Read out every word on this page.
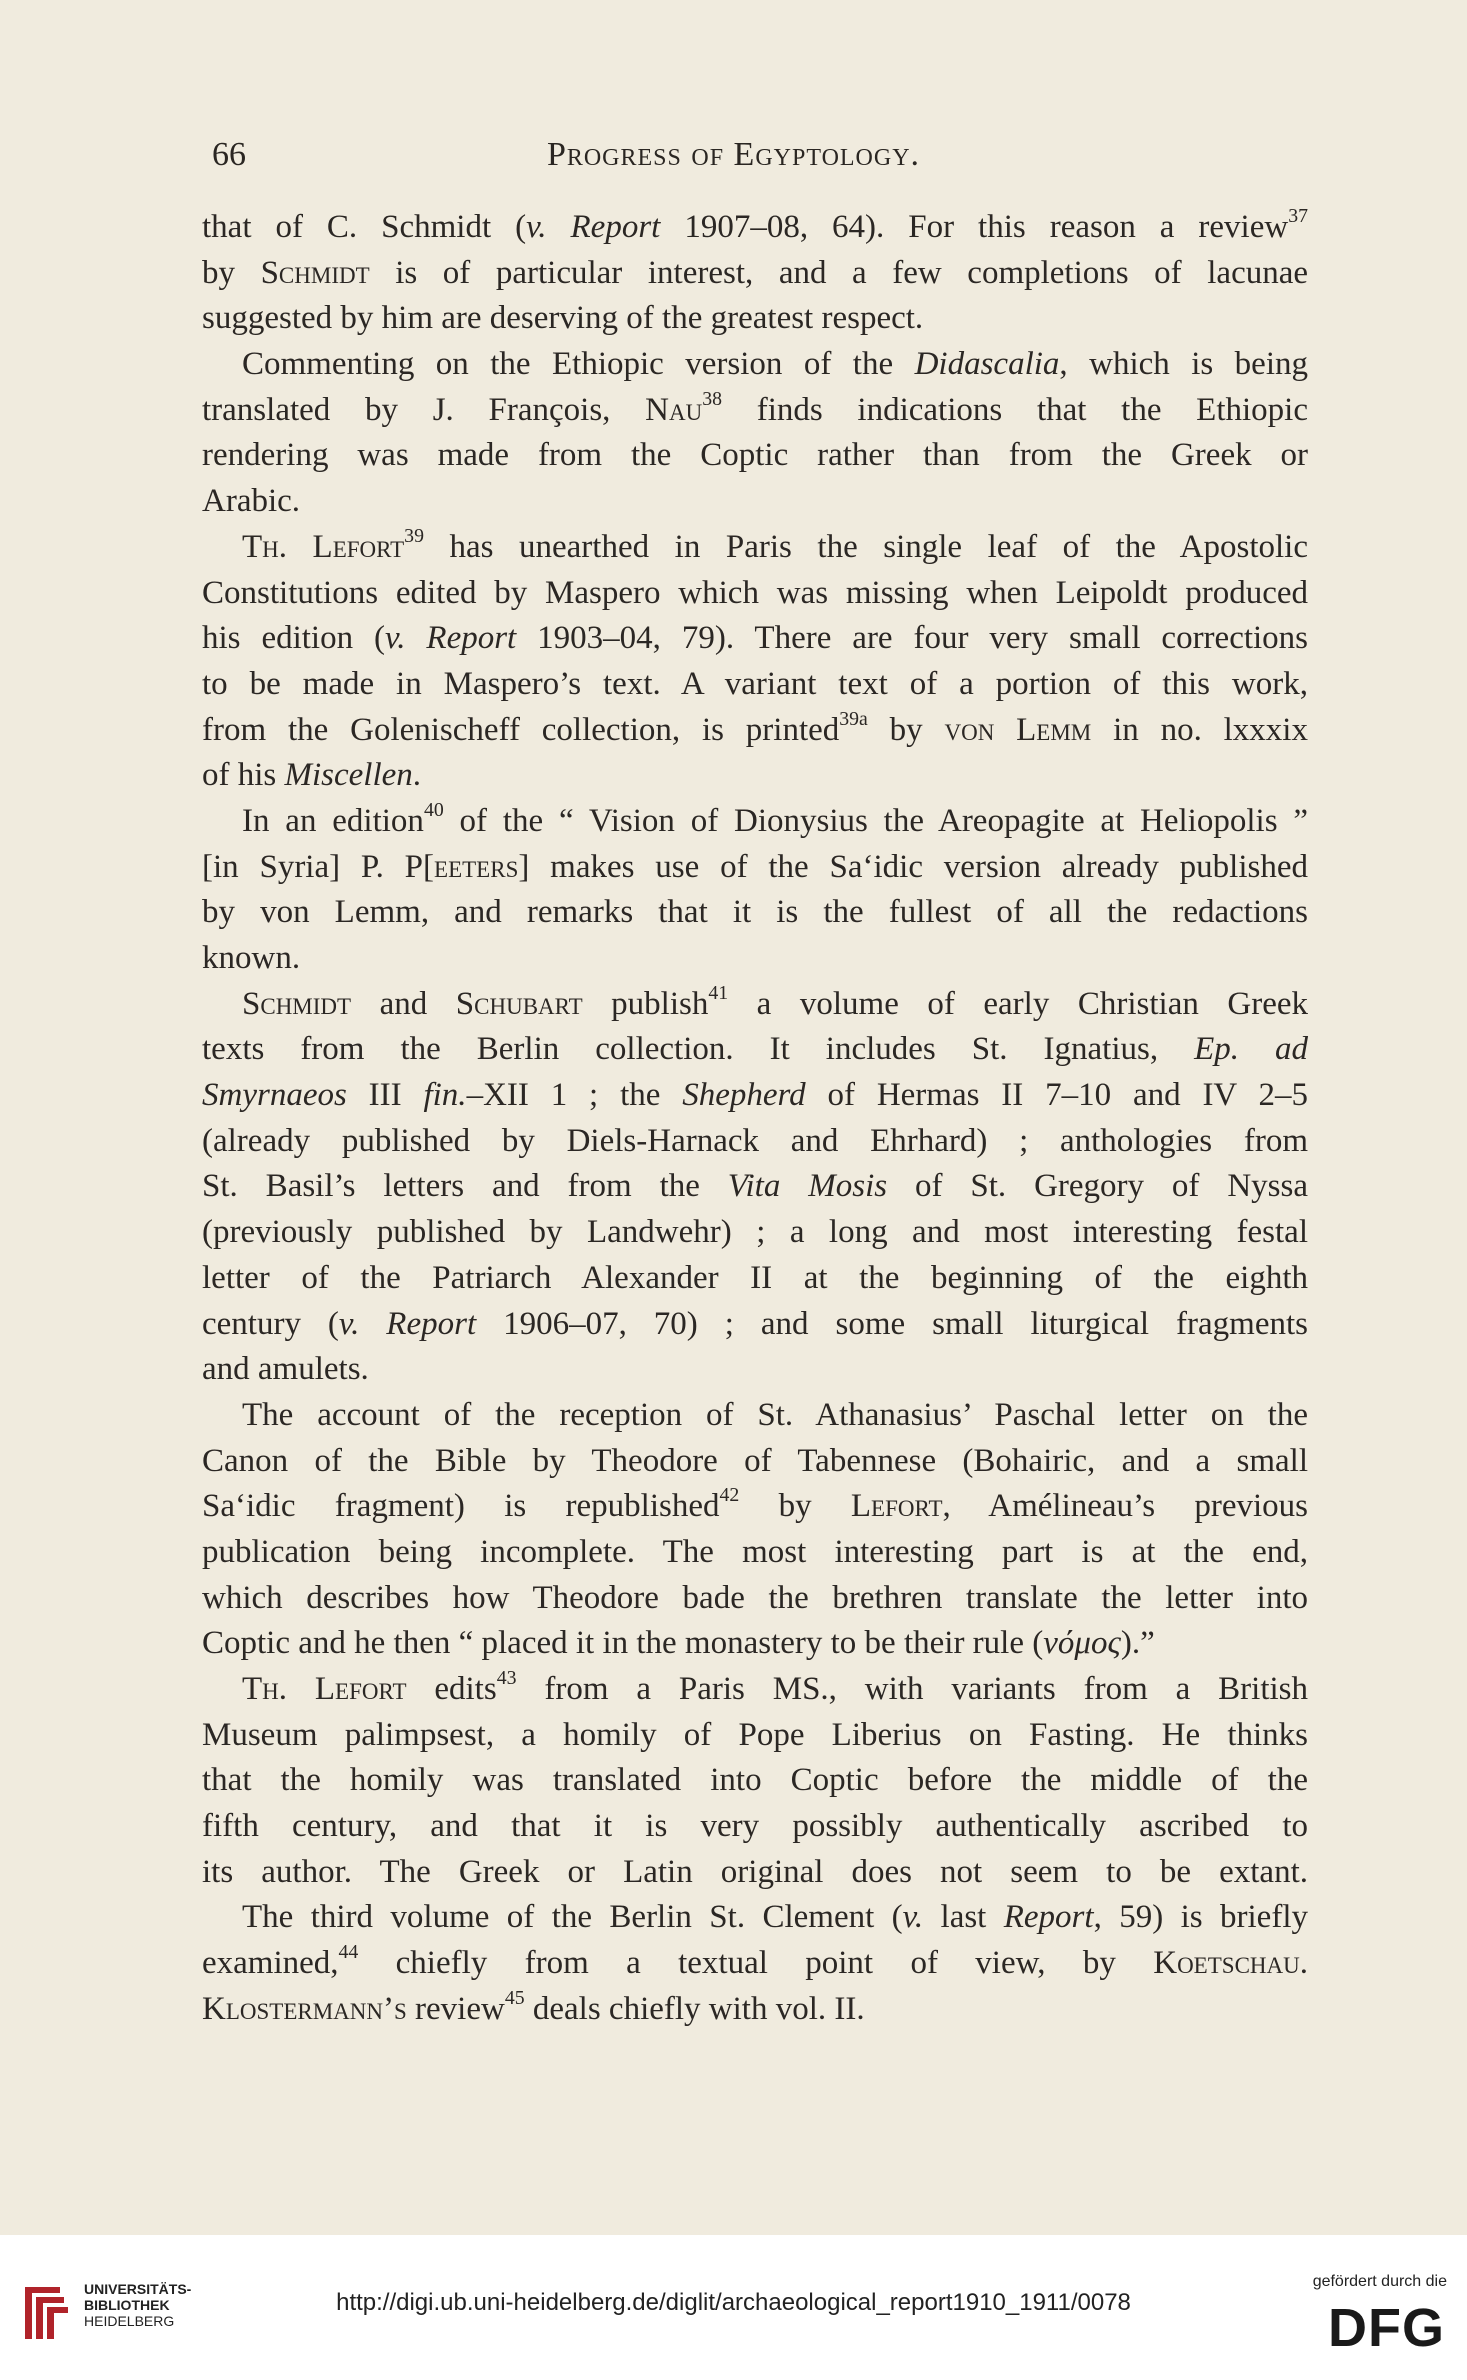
66	Progress of Egyptology.
that of C. Schmidt (v. Report 1907–08, 64). For this reason a review$^{37}$
by Schmidt is of particular interest, and a few completions of lacunae
suggested by him are deserving of the greatest respect.
Commenting on the Ethiopic version of the Didascalia, which is being
translated by J. François, Nau$^{38}$ finds indications that the Ethiopic
rendering was made from the Coptic rather than from the Greek or
Arabic.
Th. Lefort$^{39}$ has unearthed in Paris the single leaf of the Apostolic
Constitutions edited by Maspero which was missing when Leipoldt produced
his edition (v. Report 1903–04, 79). There are four very small corrections
to be made in Maspero’s text. A variant text of a portion of this work,
from the Golenischeff collection, is printed$^{39a}$ by von Lemm in no. lxxxix
of his Miscellen.
In an edition$^{40}$ of the “ Vision of Dionysius the Areopagite at Heliopolis ”
[in Syria] P. P[eeters] makes use of the Sa‘idic version already published
by von Lemm, and remarks that it is the fullest of all the redactions
known.
Schmidt and Schubart publish$^{41}$ a volume of early Christian Greek
texts from the Berlin collection. It includes St. Ignatius, Ep. ad
Smyrnaeos III fin.–XII 1 ; the Shepherd of Hermas II 7–10 and IV 2–5
(already published by Diels-Harnack and Ehrhard) ; anthologies from
St. Basil’s letters and from the Vita Mosis of St. Gregory of Nyssa
(previously published by Landwehr) ; a long and most interesting festal
letter of the Patriarch Alexander II at the beginning of the eighth
century (v. Report 1906–07, 70) ; and some small liturgical fragments
and amulets.
The account of the reception of St. Athanasius’ Paschal letter on the
Canon of the Bible by Theodore of Tabennese (Bohairic, and a small
Sa‘idic fragment) is republished$^{42}$ by Lefort, Amélineau’s previous
publication being incomplete. The most interesting part is at the end,
which describes how Theodore bade the brethren translate the letter into
Coptic and he then “ placed it in the monastery to be their rule (νόμος).”
Th. Lefort edits$^{43}$ from a Paris MS., with variants from a British
Museum palimpsest, a homily of Pope Liberius on Fasting. He thinks
that the homily was translated into Coptic before the middle of the
fifth century, and that it is very possibly authentically ascribed to
its author. The Greek or Latin original does not seem to be extant.
The third volume of the Berlin St. Clement (v. last Report, 59) is briefly
examined,$^{44}$ chiefly from a textual point of view, by Koetschau.
Klostermann’s review$^{45}$ deals chiefly with vol. II.
UNIVERSITÄTS-
BIBLIOTHEK
HEIDELBERG
http://digi.ub.uni-heidelberg.de/diglit/archaeological_report1910_1911/0078
gefördert durch die
DFG
